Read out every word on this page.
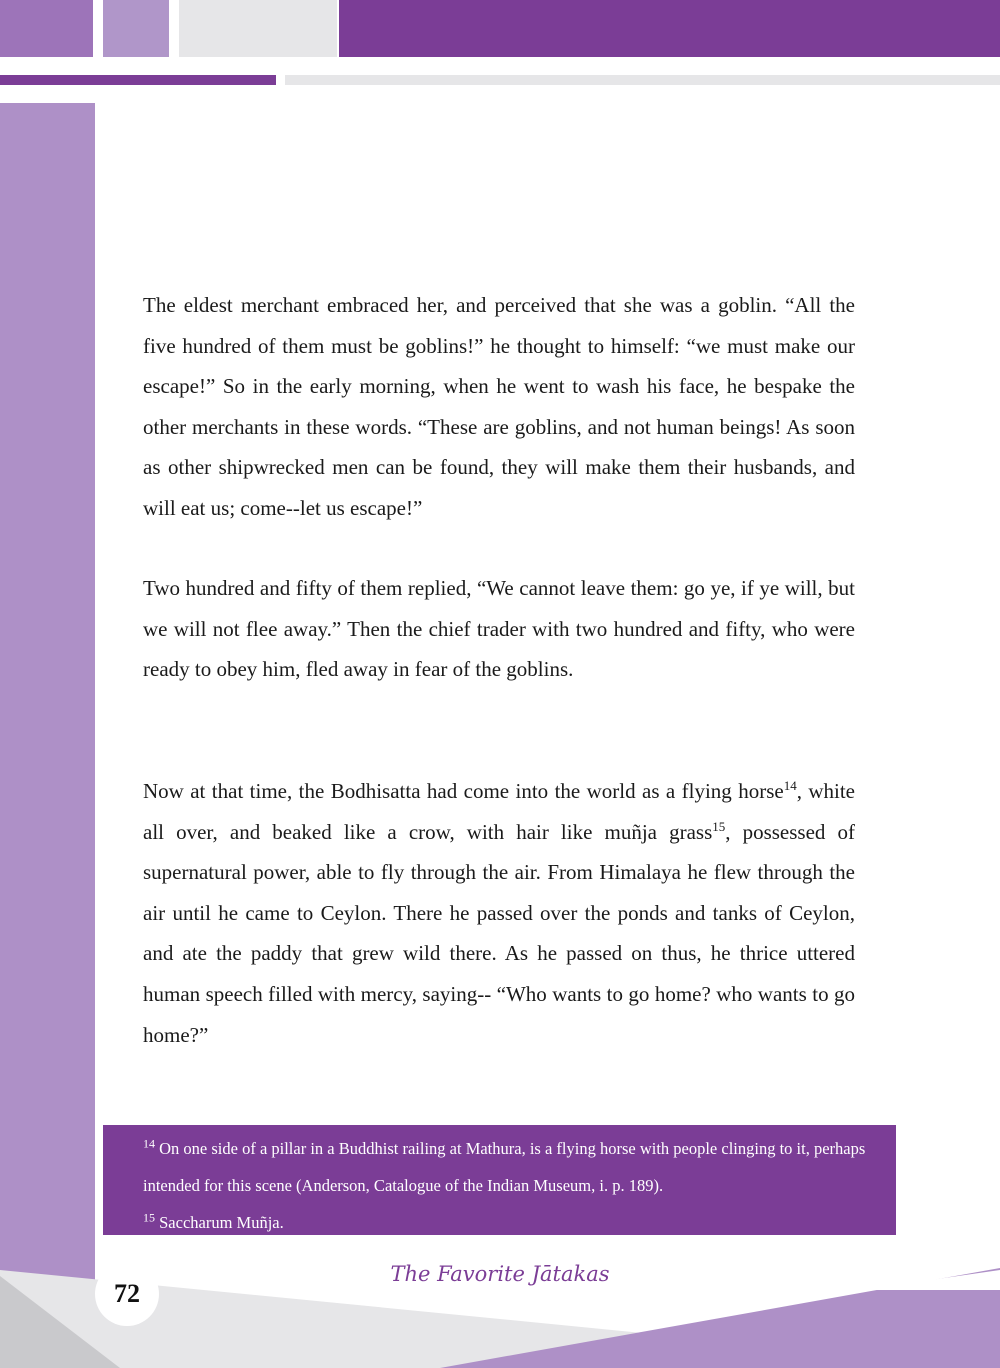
The eldest merchant embraced her, and perceived that she was a goblin. “All the five hundred of them must be goblins!” he thought to himself: “we must make our escape!” So in the early morning, when he went to wash his face, he bespake the other merchants in these words. “These are goblins, and not human beings! As soon as other shipwrecked men can be found, they will make them their husbands, and will eat us; come--let us escape!”

Two hundred and fifty of them replied, “We cannot leave them: go ye, if ye will, but we will not flee away.” Then the chief trader with two hundred and fifty, who were ready to obey him, fled away in fear of the goblins.

Now at that time, the Bodhisatta had come into the world as a flying horse$^{14}$, white all over, and beaked like a crow, with hair like muñja grass$^{15}$, possessed of supernatural power, able to fly through the air. From Himalaya he flew through the air until he came to Ceylon. There he passed over the ponds and tanks of Ceylon, and ate the paddy that grew wild there. As he passed on thus, he thrice uttered human speech filled with mercy, saying-- “Who wants to go home? who wants to go home?”

$^{14}$ On one side of a pillar in a Buddhist railing at Mathura, is a flying horse with people clinging to it, perhaps intended for this scene (Anderson, Catalogue of the Indian Museum, i. p. 189).

$^{15}$ Saccharum Muñja.

72
The Favorite Jātakas
